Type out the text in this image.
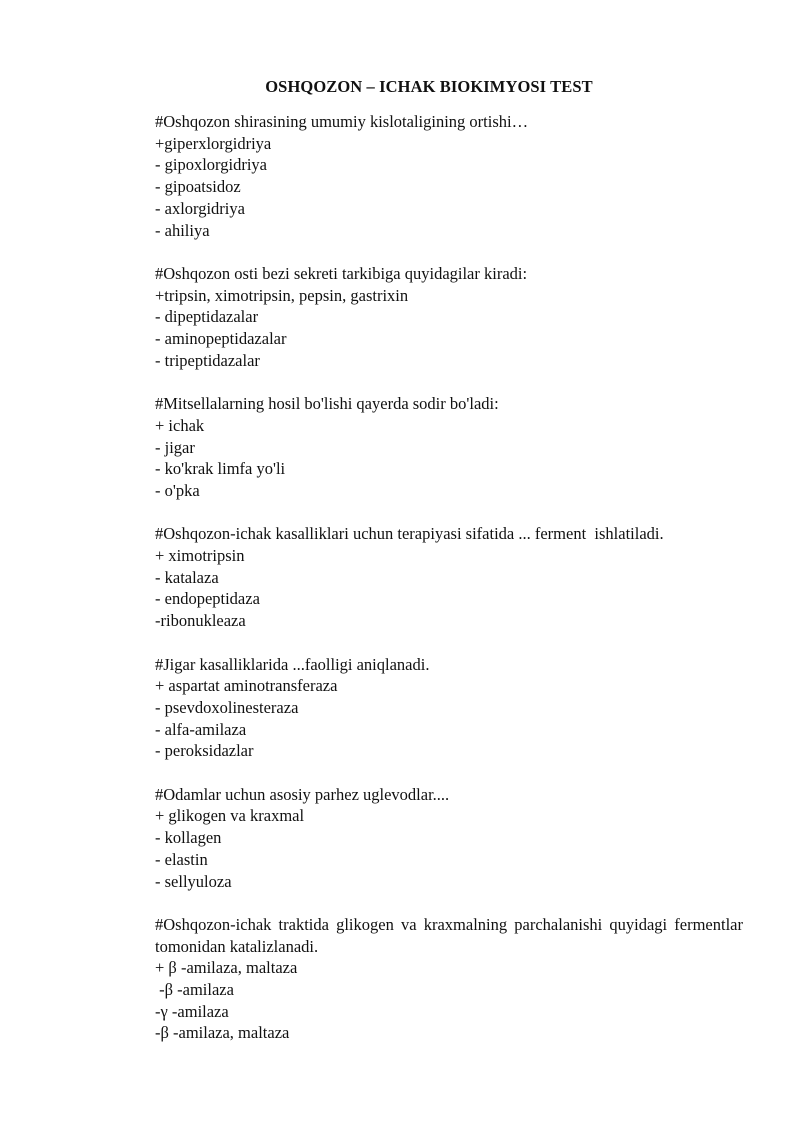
OSHQOZON – ICHAK BIOKIMYOSI TEST

#Oshqozon shirasining umumiy kislotaligining ortishi…

+giperxlorgidriya

- gipoxlorgidriya

- gipoatsidoz

- axlorgidriya

- ahiliya

#Oshqozon osti bezi sekreti tarkibiga quyidagilar kiradi:

+tripsin, ximotripsin, pepsin, gastrixin

- dipeptidazalar

- aminopeptidazalar

- tripeptidazalar

#Mitsellalarning hosil bo'lishi qayerda sodir bo'ladi:

+ ichak

- jigar

- ko'krak limfa yo'li

- o'pka

#Oshqozon-ichak kasalliklari uchun terapiyasi sifatida ... ferment  ishlatiladi.

+ ximotripsin

- katalaza

- endopeptidaza

-ribonukleaza

#Jigar kasalliklarida ...faolligi aniqlanadi.

+ aspartat aminotransferaza

- psevdoxolinesteraza

- alfa-amilaza

- peroksidazlar

#Odamlar uchun asosiy parhez uglevodlar....

+ glikogen va kraxmal

- kollagen

- elastin

- sellyuloza

#Oshqozon-ichak traktida glikogen va kraxmalning parchalanishi quyidagi fermentlar tomonidan katalizlanadi.

+ β -amilaza, maltaza

-β -amilaza

-γ -amilaza

-β -amilaza, maltaza
